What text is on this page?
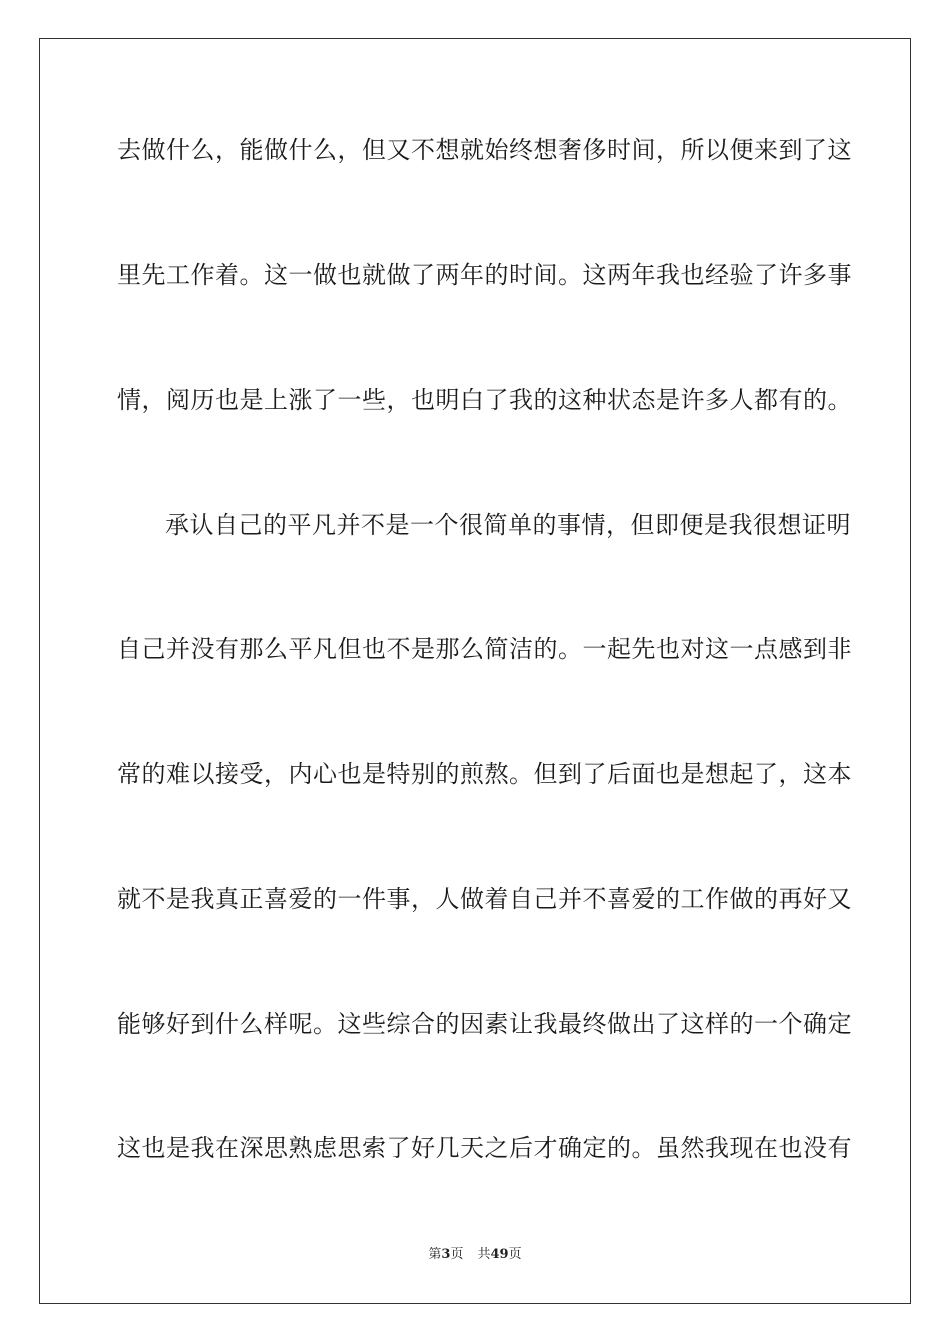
去做什么，能做什么，但又不想就始终想奢侈时间，所以便来到了这
里先工作着。这一做也就做了两年的时间。这两年我也经验了许多事
情，阅历也是上涨了一些，也明白了我的这种状态是许多人都有的。
承认自己的平凡并不是一个很简单的事情，但即便是我很想证明
自己并没有那么平凡但也不是那么简洁的。一起先也对这一点感到非
常的难以接受，内心也是特别的煎熬。但到了后面也是想起了，这本
就不是我真正喜爱的一件事，人做着自己并不喜爱的工作做的再好又
能够好到什么样呢。这些综合的因素让我最终做出了这样的一个确定
这也是我在深思熟虑思索了好几天之后才确定的。虽然我现在也没有
第3页 共49页
